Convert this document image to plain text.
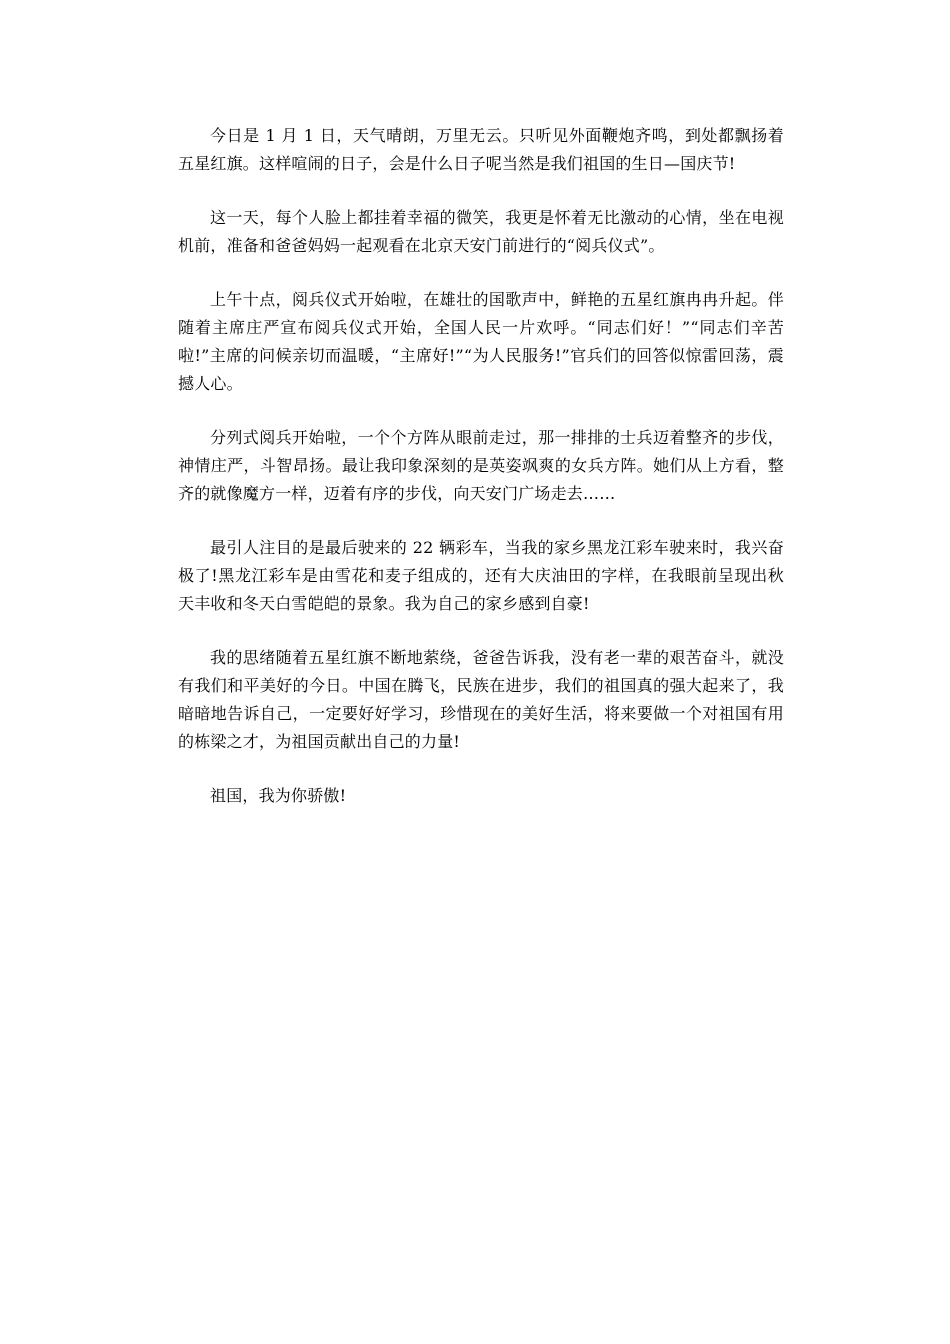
今日是 1 月 1 日，天气晴朗，万里无云。只听见外面鞭炮齐鸣，到处都飘扬着五星红旗。这样喧闹的日子，会是什么日子呢当然是我们祖国的生日—国庆节!

这一天，每个人脸上都挂着幸福的微笑，我更是怀着无比激动的心情，坐在电视机前，准备和爸爸妈妈一起观看在北京天安门前进行的“阅兵仪式”。

上午十点，阅兵仪式开始啦，在雄壮的国歌声中，鲜艳的五星红旗冉冉升起。伴随着主席庄严宣布阅兵仪式开始，全国人民一片欢呼。“同志们好！”“同志们辛苦啦!”主席的问候亲切而温暖，“主席好!”“为人民服务!”官兵们的回答似惊雷回荡，震撼人心。

分列式阅兵开始啦，一个个方阵从眼前走过，那一排排的士兵迈着整齐的步伐，神情庄严，斗智昂扬。最让我印象深刻的是英姿飒爽的女兵方阵。她们从上方看，整齐的就像魔方一样，迈着有序的步伐，向天安门广场走去……

最引人注目的是最后驶来的 22 辆彩车，当我的家乡黑龙江彩车驶来时，我兴奋极了!黑龙江彩车是由雪花和麦子组成的，还有大庆油田的字样，在我眼前呈现出秋天丰收和冬天白雪皑皑的景象。我为自己的家乡感到自豪!

我的思绪随着五星红旗不断地萦绕，爸爸告诉我，没有老一辈的艰苦奋斗，就没有我们和平美好的今日。中国在腾飞，民族在进步，我们的祖国真的强大起来了，我暗暗地告诉自己，一定要好好学习，珍惜现在的美好生活，将来要做一个对祖国有用的栋梁之才，为祖国贡献出自己的力量!

祖国，我为你骄傲!
